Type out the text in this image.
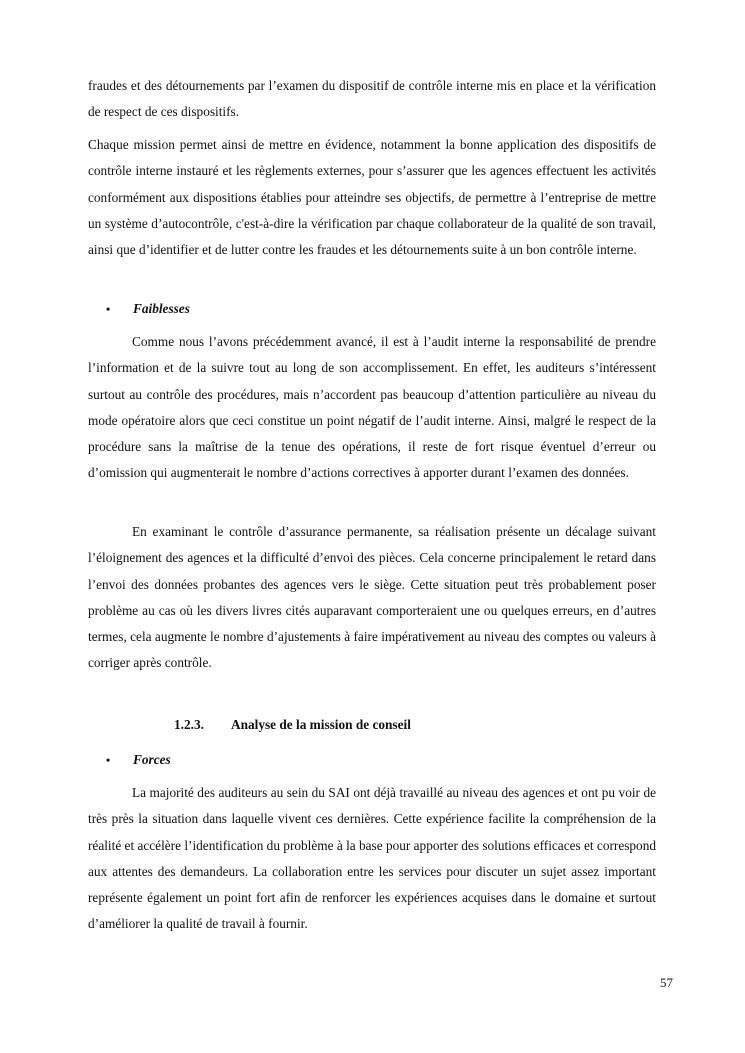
fraudes et des détournements par l’examen du dispositif de contrôle interne mis en place et la vérification de respect de ces dispositifs.

Chaque mission permet ainsi de mettre en évidence, notamment la bonne application des dispositifs de contrôle interne instauré et les règlements externes, pour s’assurer que les agences effectuent les activités conformément aux dispositions établies pour atteindre ses objectifs, de permettre à l’entreprise de mettre un système d’autocontrôle, c'est-à-dire la vérification par chaque collaborateur de la qualité de son travail, ainsi que d’identifier et de lutter contre les fraudes et les détournements suite à un bon contrôle interne.

• Faiblesses

Comme nous l’avons précédemment avancé, il est à l’audit interne la responsabilité de prendre l’information et de la suivre tout au long de son accomplissement. En effet, les auditeurs s’intéressent surtout au contrôle des procédures, mais n’accordent pas beaucoup d’attention particulière au niveau du mode opératoire alors que ceci constitue un point négatif de l’audit interne. Ainsi, malgré le respect de la procédure sans la maîtrise de la tenue des opérations, il reste de fort risque éventuel d’erreur ou d’omission qui augmenterait le nombre d’actions correctives à apporter durant l’examen des données.

En examinant le contrôle d’assurance permanente, sa réalisation présente un décalage suivant l’éloignement des agences et la difficulté d’envoi des pièces. Cela concerne principalement le retard dans l’envoi des données probantes des agences vers le siège. Cette situation peut très probablement poser problème au cas où les divers livres cités auparavant comporteraient une ou quelques erreurs, en d’autres termes, cela augmente le nombre d’ajustements à faire impérativement au niveau des comptes ou valeurs à corriger après contrôle.

1.2.3. Analyse de la mission de conseil
• Forces

La majorité des auditeurs au sein du SAI ont déjà travaillé au niveau des agences et ont pu voir de très près la situation dans laquelle vivent ces dernières. Cette expérience facilite la compréhension de la réalité et accélère l’identification du problème à la base pour apporter des solutions efficaces et correspond aux attentes des demandeurs. La collaboration entre les services pour discuter un sujet assez important représente également un point fort afin de renforcer les expériences acquises dans le domaine et surtout d’améliorer la qualité de travail à fournir.

57
